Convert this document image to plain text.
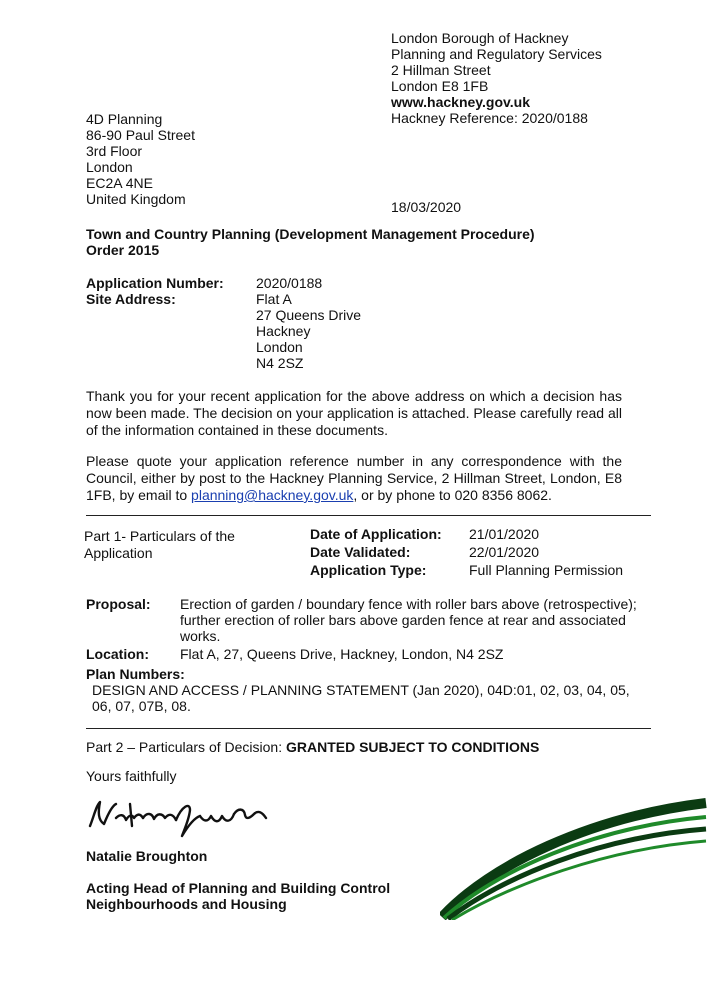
London Borough of Hackney
Planning and Regulatory Services
2 Hillman Street
London E8 1FB
www.hackney.gov.uk
Hackney Reference: 2020/0188
4D Planning
86-90 Paul Street
3rd Floor
London
EC2A 4NE
United Kingdom	18/03/2020
Town and Country Planning (Development Management Procedure)
Order 2015
Application Number:	2020/0188
Site Address:	Flat A
27 Queens Drive
Hackney
London
N4 2SZ

Thank you for your recent application for the above address on which a decision has now been made. The decision on your application is attached. Please carefully read all of the information contained in these documents.

Please quote your application reference number in any correspondence with the Council, either by post to the Hackney Planning Service, 2 Hillman Street, London, E8 1FB, by email to planning@hackney.gov.uk, or by phone to 020 8356 8062.

Part 1- Particulars of the Application
Date of Application:	21/01/2020
Date Validated:	22/01/2020
Application Type:	Full Planning Permission
Proposal: Erection of garden / boundary fence with roller bars above (retrospective); further erection of roller bars above garden fence at rear and associated works.
Location: Flat A, 27, Queens Drive, Hackney, London, N4 2SZ
Plan Numbers:
DESIGN AND ACCESS / PLANNING STATEMENT (Jan 2020), 04D:01, 02, 03, 04, 05, 06, 07, 07B, 08.
Part 2 – Particulars of Decision: GRANTED SUBJECT TO CONDITIONS
Yours faithfully
Natalie Broughton
Acting Head of Planning and Building Control
Neighbourhoods and Housing
